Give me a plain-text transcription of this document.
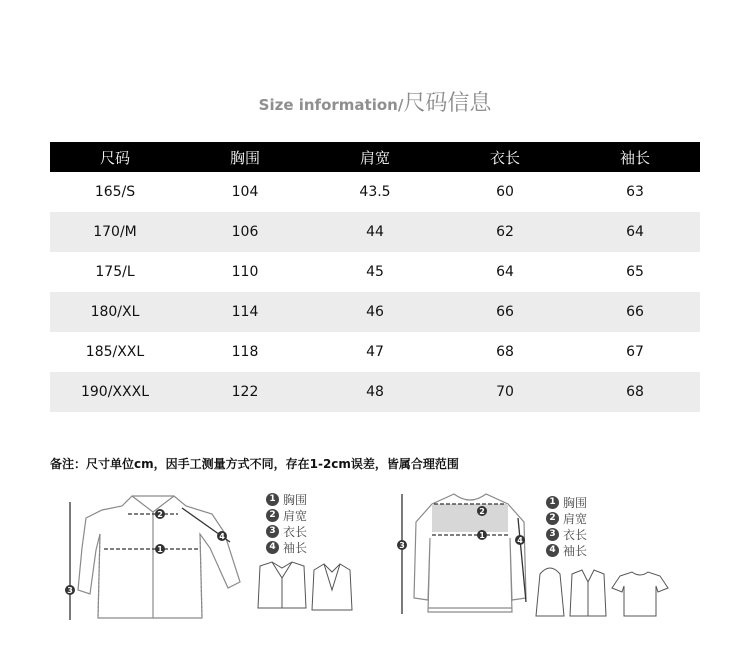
Size information/尺码信息
尺码	胸围	肩宽	衣长	袖长
165/S	104	43.5	60	63
170/M	106	44	62	64
175/L	110	45	64	65
180/XL	114	46	66	66
185/XXL	118	47	68	67
190/XXXL	122	48	70	68
备注：尺寸单位cm，因手工测量方式不同，存在1-2cm误差，皆属合理范围
1
2
3
4
1 胸围
2 肩宽
3 衣长
4 袖长
1
2
3
4
1 胸围
2 肩宽
3 衣长
4 袖长
